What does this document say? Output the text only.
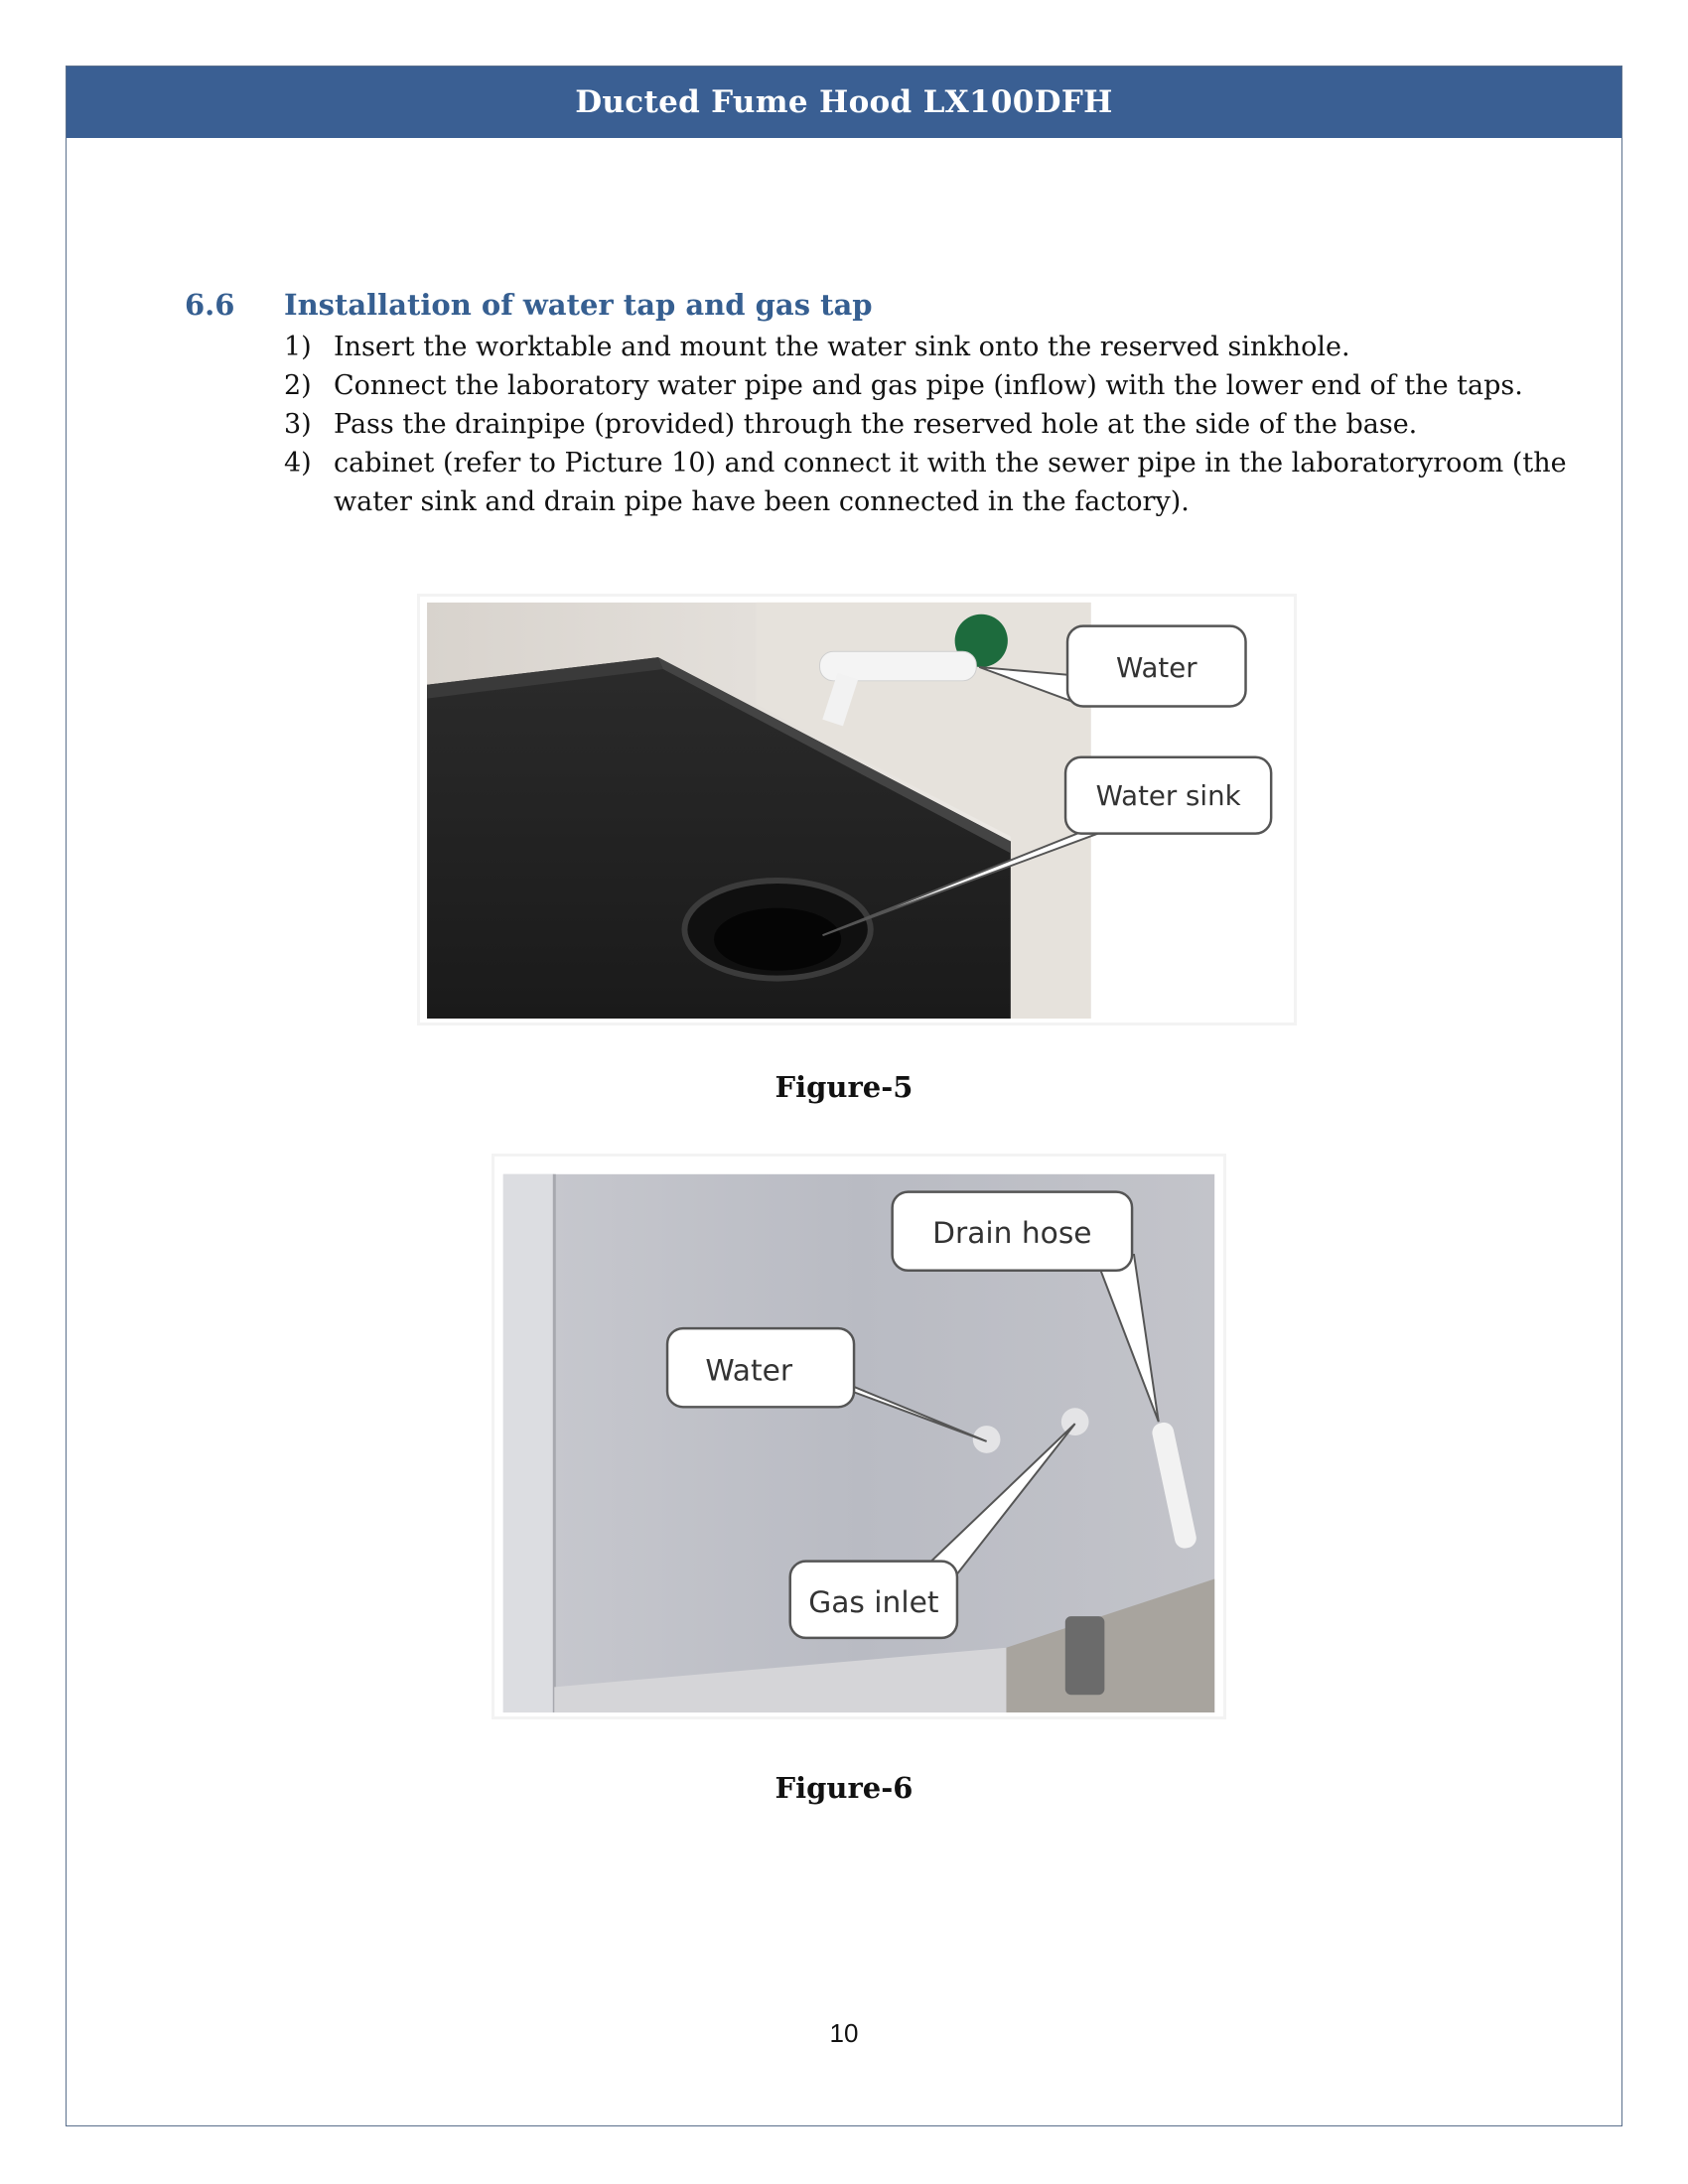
Ducted Fume Hood LX100DFH
6.6 Installation of water tap and gas tap
1) Insert the worktable and mount the water sink onto the reserved sinkhole.
2) Connect the laboratory water pipe and gas pipe (inflow) with the lower end of the taps.
3) Pass the drainpipe (provided) through the reserved hole at the side of the base.
4) cabinet (refer to Picture 10) and connect it with the sewer pipe in the laboratoryroom (the water sink and drain pipe have been connected in the factory).
Water
Water sink
Figure-5
Drain hose
Water
Gas inlet
Figure-6
10
